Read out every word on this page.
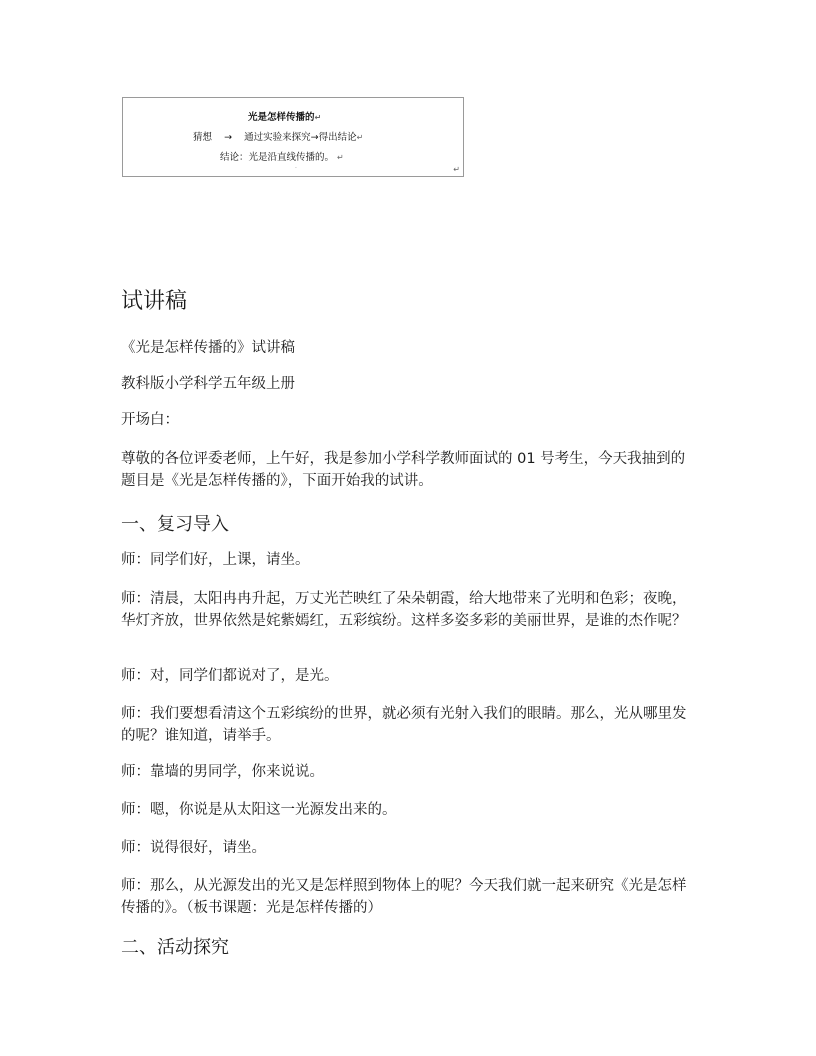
光是怎样传播的↵
猜想 → 通过实验来探究→得出结论↵
结论：光是沿直线传播的。 ↵
·	↵
试讲稿

《光是怎样传播的》试讲稿

教科版小学科学五年级上册

开场白：

尊敬的各位评委老师，上午好，我是参加小学科学教师面试的 01 号考生，今天我抽到的题目是《光是怎样传播的》，下面开始我的试讲。

一、复习导入

师：同学们好，上课，请坐。

师：清晨，太阳冉冉升起，万丈光芒映红了朵朵朝霞，给大地带来了光明和色彩；夜晚，华灯齐放，世界依然是姹紫嫣红，五彩缤纷。这样多姿多彩的美丽世界，是谁的杰作呢？

师：对，同学们都说对了，是光。

师：我们要想看清这个五彩缤纷的世界，就必须有光射入我们的眼睛。那么，光从哪里发的呢？谁知道，请举手。

师：靠墙的男同学，你来说说。

师：嗯，你说是从太阳这一光源发出来的。

师：说得很好，请坐。

师：那么，从光源发出的光又是怎样照到物体上的呢？今天我们就一起来研究《光是怎样传播的》。（板书课题：光是怎样传播的）

二、活动探究
